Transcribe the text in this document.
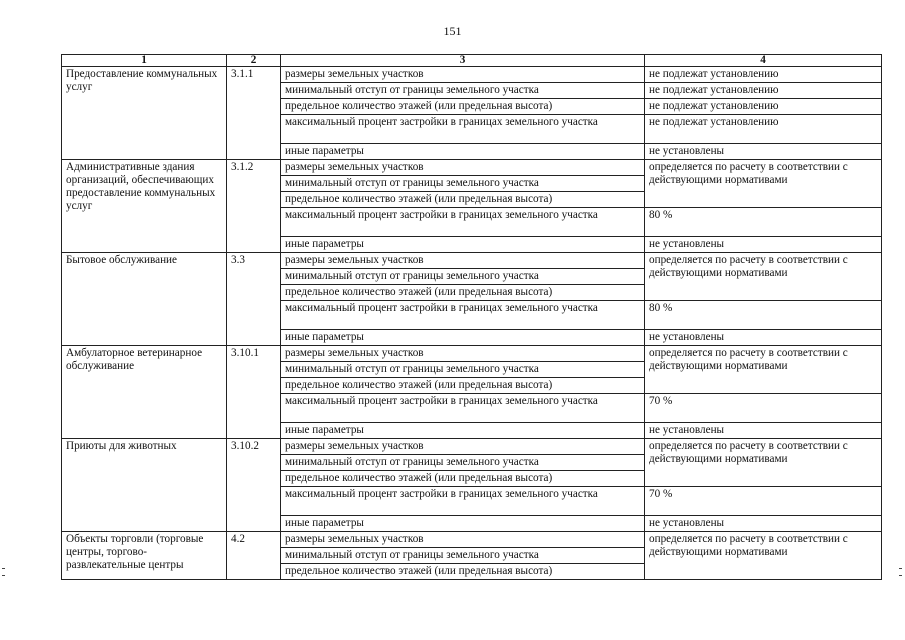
151
1	2	3	4
Предоставление коммунальных услуг	3.1.1	размеры земельных участков	не подлежат установлению
		минимальный отступ от границы земельного участка	не подлежат установлению
		предельное количество этажей (или предельная высота)	не подлежат установлению
		максимальный процент застройки в границах земельного участка	не подлежат установлению
		иные параметры	не установлены
Административные здания организаций, обеспечивающих предоставление коммунальных услуг	3.1.2	размеры земельных участков	определяется по расчету в соответствии с действующими нормативами
		минимальный отступ от границы земельного участка	
		предельное количество этажей (или предельная высота)	
		максимальный процент застройки в границах земельного участка	80 %
		иные параметры	не установлены
Бытовое обслуживание	3.3	размеры земельных участков	определяется по расчету в соответствии с действующими нормативами
		минимальный отступ от границы земельного участка	
		предельное количество этажей (или предельная высота)	
		максимальный процент застройки в границах земельного участка	80 %
		иные параметры	не установлены
Амбулаторное ветеринарное обслуживание	3.10.1	размеры земельных участков	определяется по расчету в соответствии с действующими нормативами
		минимальный отступ от границы земельного участка	
		предельное количество этажей (или предельная высота)	
		максимальный процент застройки в границах земельного участка	70 %
		иные параметры	не установлены
Приюты для животных	3.10.2	размеры земельных участков	определяется по расчету в соответствии с действующими нормативами
		минимальный отступ от границы земельного участка	
		предельное количество этажей (или предельная высота)	
		максимальный процент застройки в границах земельного участка	70 %
		иные параметры	не установлены
Объекты торговли (торговые центры, торгово-развлекательные центры	4.2	размеры земельных участков	определяется по расчету в соответствии с действующими нормативами
		минимальный отступ от границы земельного участка	
		предельное количество этажей (или предельная высота)	
